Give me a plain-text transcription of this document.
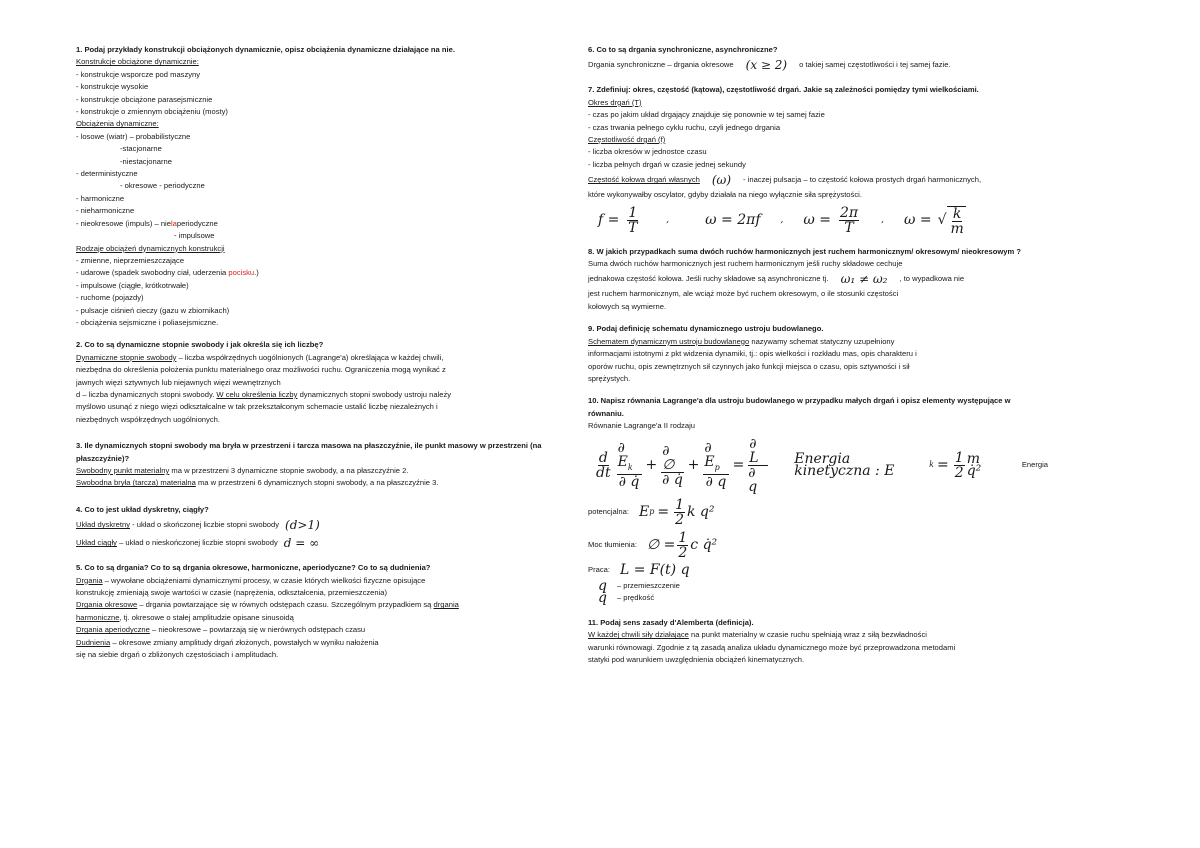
1. Podaj przykłady konstrukcji obciążonych dynamicznie, opisz obciążenia dynamiczne działające na nie.
Konstrukcje obciążone dynamicznie:
- konstrukcje wsporcze pod maszyny
- konstrukcje wysokie
- konstrukcje obciążone parasejsmicznie
- konstrukcje o zmiennym obciążeniu (mosty)
Obciążenia dynamiczne:
- losowe (wiatr) – probabilistyczne
-stacjonarne
-niestacjonarne
- deterministyczne
- okresowe - periodyczne
- harmoniczne
- nieharmoniczne
- nieokresowe (impuls) – nielaperiodyczne
- impulsowe
Rodzaje obciążeń dynamicznych konstrukcji
- zmienne, nieprzemieszczające
- udarowe (spadek swobodny ciał, uderzenia pocisku.)
- impulsowe (ciągłe, krótkotrwałe)
- ruchome (pojazdy)
- pulsacje ciśnień cieczy (gazu w zbiornikach)
- obciążenia sejsmiczne i poliasejsmiczne.
2. Co to są dynamiczne stopnie swobody i jak określa się ich liczbę?
Dynamiczne stopnie swobody – liczba współrzędnych uogólnionych (Lagrange'a) określająca w każdej chwili,
niezbędna do określenia położenia punktu materialnego oraz możliwości ruchu. Ograniczenia mogą wynikać z
jawnych więzi sztywnych lub niejawnych więzi wewnętrznych
d – liczba dynamicznych stopni swobody. W celu określenia liczby dynamicznych stopni swobody ustroju należy
myślowo usunąć z niego więzi odkształcalne w tak przekształconym schemacie ustalić liczbę niezależnych i
niezbędnych współrzędnych uogólnionych.
3. Ile dynamicznych stopni swobody ma bryła w przestrzeni i tarcza masowa na płaszczyźnie, ile punkt masowy w przestrzeni (na płaszczyźnie)?
Swobodny punkt materialny ma w przestrzeni 3 dynamiczne stopnie swobody, a na płaszczyźnie 2.
Swobodna bryła (tarcza) materialna ma w przestrzeni 6 dynamicznych stopni swobody, a na płaszczyźnie 3.
4. Co to jest układ dyskretny, ciągły?
Układ dyskretny - układ o skończonej liczbie stopni swobody (d>1)
Układ ciągły – układ o nieskończonej liczbie stopni swobody d = ∞
5. Co to są drgania? Co to są drgania okresowe, harmoniczne, aperiodyczne? Co to są dudnienia?
Drgania – wywołane obciążeniami dynamicznymi procesy, w czasie których wielkości fizyczne opisujące
konstrukcję zmieniają swoje wartości w czasie (naprężenia, odkształcenia, przemieszczenia)
Drgania okresowe – drgania powtarzające się w równych odstępach czasu. Szczególnym przypadkiem są drgania
harmoniczne, tj. okresowe o stałej amplitudzie opisane sinusoidą
Drgania aperiodyczne – nieokresowe – powtarzają się w nierównych odstępach czasu
Dudnienia – okresowe zmiany amplitudy drgań złożonych, powstałych w wyniku nałożenia
się na siebie drgań o zbliżonych częstościach i amplitudach.
6. Co to są drgania synchroniczne, asynchroniczne?
Drgania synchroniczne – drgania okresowe (x ≥ 2) o takiej samej częstotliwości i tej samej fazie.
7. Zdefiniuj: okres, częstość (kątowa), częstotliwość drgań. Jakie są zależności pomiędzy tymi wielkościami.
Okres drgań (T)
- czas po jakim układ drgający znajduje się ponownie w tej samej fazie
- czas trwania pełnego cyklu ruchu, czyli jednego drgania
Częstotliwość drgań (f)
- liczba okresów w jednostce czasu
- liczba pełnych drgań w czasie jednej sekundy
Częstość kołowa drgań własnych (ω) - inaczej pulsacja – to częstość kołowa prostych drgań harmonicznych,
które wykonywałby oscylator, gdyby działała na niego wyłącznie siła sprężystości.
$f = \frac{1}{T}$	,	ω = 2πf , $\omega = \frac{2\pi}{T}$ , ω = √ $\frac{k}{m}$
8. W jakich przypadkach suma dwóch ruchów harmonicznych jest ruchem harmonicznym/ okresowym/ nieokresowym ?
Suma dwóch ruchów harmonicznych jest ruchem harmonicznym jeśli ruchy składowe cechuje
jednakowa częstość kołowa. Jeśli ruchy składowe są asynchroniczne tj. ω₁ ≠ ω₂ , to wypadkowa nie
jest ruchem harmonicznym, ale wciąż może być ruchem okresowym, o ile stosunki częstości
kołowych są wymierne.
9. Podaj definicję schematu dynamicznego ustroju budowlanego.
Schematem dynamicznym ustroju budowlanego nazywamy schemat statyczny uzupełniony
informacjami istotnymi z pkt widzenia dynamiki, tj.: opis wielkości i rozkładu mas, opis charakteru i
oporów ruchu, opis zewnętrznych sił czynnych jako funkcji miejsca o czasu, opis sztywności i sił
sprężystych.
10. Napisz równania Lagrange'a dla ustroju budowlanego w przypadku małych drgań i opisz elementy występujące w równaniu.
Równanie Lagrange'a II rodzaju
$\frac{d}{dt} \frac{\partial E_k}{\partial q̇} + \frac{\partial \emptyset}{\partial q̇} + \frac{\partial E_p}{\partial q} = \frac{\partial L}{\partial q}$ Energia kinetyczna : E	$k = \frac{1}{2}$ m q̇²	Energia
potencjalna: E $p = \frac{1}{2}$ k q²
Moc tłumienia: ∅ = $\frac{1}{2}$ c q̇²
Praca: L = F(t) q
q – przemieszczenie
q̇ – prędkość
11. Podaj sens zasady d'Alemberta (definicja).
W każdej chwili siły działające na punkt materialny w czasie ruchu spełniają wraz z siłą bezwładności
warunki równowagi. Zgodnie z tą zasadą analiza układu dynamicznego może być przeprowadzona metodami
statyki pod warunkiem uwzględnienia obciążeń kinematycznych.
